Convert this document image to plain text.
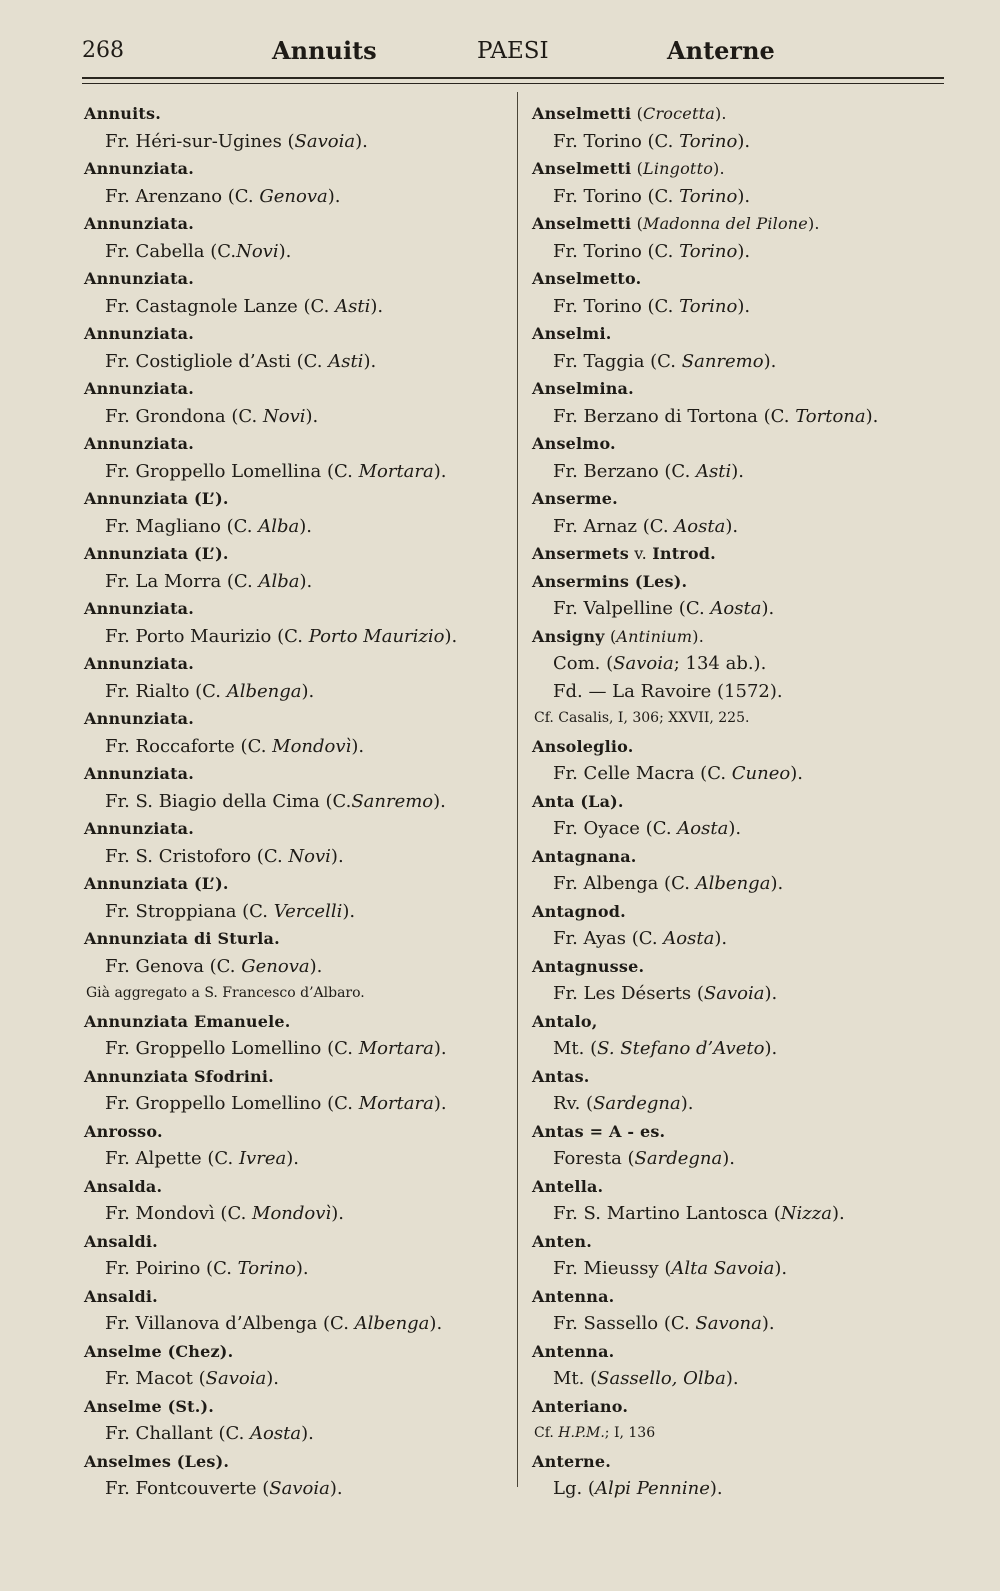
268	Annuits	PAESI	Anterne
Annuits.
Fr. Héri-sur-Ugines (Savoia).
Annunziata.
Fr. Arenzano (C. Genova).
Annunziata.
Fr. Cabella (C.Novi).
Annunziata.
Fr. Castagnole Lanze (C. Asti).
Annunziata.
Fr. Costigliole d’Asti (C. Asti).
Annunziata.
Fr. Grondona (C. Novi).
Annunziata.
Fr. Groppello Lomellina (C. Mortara).
Annunziata (L’).
Fr. Magliano (C. Alba).
Annunziata (L’).
Fr. La Morra (C. Alba).
Annunziata.
Fr. Porto Maurizio (C. Porto Maurizio).
Annunziata.
Fr. Rialto (C. Albenga).
Annunziata.
Fr. Roccaforte (C. Mondovì).
Annunziata.
Fr. S. Biagio della Cima (C.Sanremo).
Annunziata.
Fr. S. Cristoforo (C. Novi).
Annunziata (L’).
Fr. Stroppiana (C. Vercelli).
Annunziata di Sturla.
Fr. Genova (C. Genova).
Già aggregato a S. Francesco d’Albaro.
Annunziata Emanuele.
Fr. Groppello Lomellino (C. Mortara).
Annunziata Sfodrini.
Fr. Groppello Lomellino (C. Mortara).
Anrosso.
Fr. Alpette (C. Ivrea).
Ansalda.
Fr. Mondovì (C. Mondovì).
Ansaldi.
Fr. Poirino (C. Torino).
Ansaldi.
Fr. Villanova d’Albenga (C. Albenga).
Anselme (Chez).
Fr. Macot (Savoia).
Anselme (St.).
Fr. Challant (C. Aosta).
Anselmes (Les).
Fr. Fontcouverte (Savoia).
Anselmetti (Crocetta).
Fr. Torino (C. Torino).
Anselmetti (Lingotto).
Fr. Torino (C. Torino).
Anselmetti (Madonna del Pilone).
Fr. Torino (C. Torino).
Anselmetto.
Fr. Torino (C. Torino).
Anselmi.
Fr. Taggia (C. Sanremo).
Anselmina.
Fr. Berzano di Tortona (C. Tortona).
Anselmo.
Fr. Berzano (C. Asti).
Anserme.
Fr. Arnaz (C. Aosta).
Ansermets v. Introd.
Ansermins (Les).
Fr. Valpelline (C. Aosta).
Ansigny (Antinium).
Com. (Savoia; 134 ab.).
Fd. — La Ravoire (1572).
Cf. Casalis, I, 306; XXVII, 225.
Ansoleglio.
Fr. Celle Macra (C. Cuneo).
Anta (La).
Fr. Oyace (C. Aosta).
Antagnana.
Fr. Albenga (C. Albenga).
Antagnod.
Fr. Ayas (C. Aosta).
Antagnusse.
Fr. Les Déserts (Savoia).
Antalo,
Mt. (S. Stefano d’Aveto).
Antas.
Rv. (Sardegna).
Antas = A - es.
Foresta (Sardegna).
Antella.
Fr. S. Martino Lantosca (Nizza).
Anten.
Fr. Mieussy (Alta Savoia).
Antenna.
Fr. Sassello (C. Savona).
Antenna.
Mt. (Sassello, Olba).
Anteriano.
Cf. H.P.M.; I, 136
Anterne.
Lg. (Alpi Pennine).
